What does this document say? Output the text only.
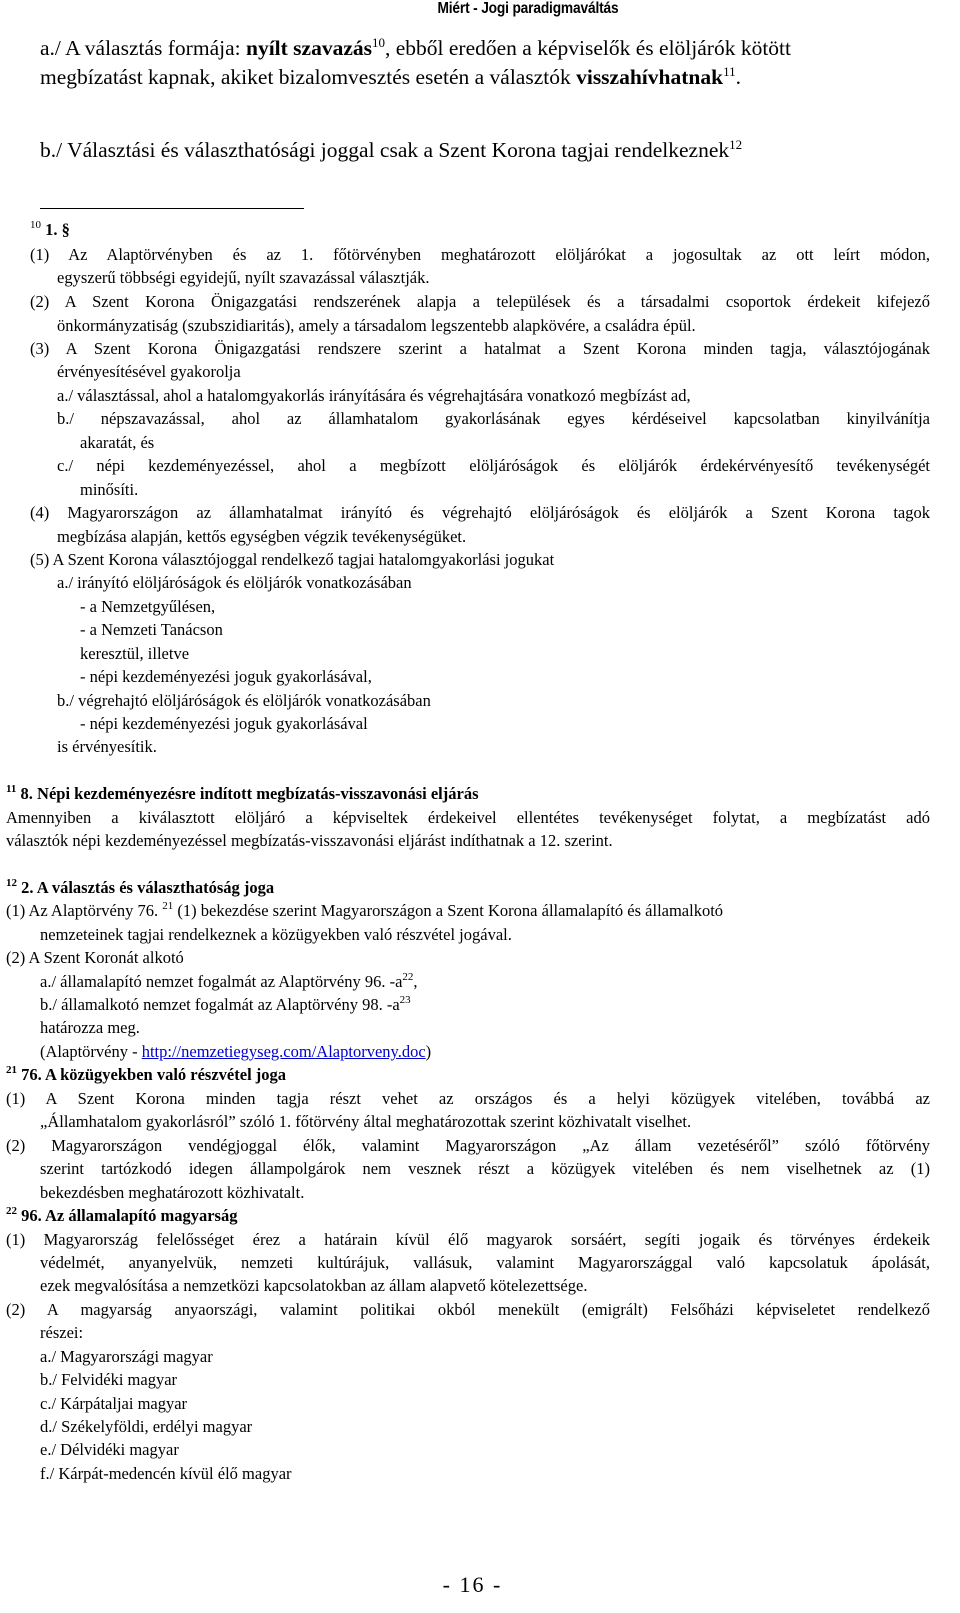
Miért - Jogi paradigmaváltás
a./ A választás formája: nyílt szavazás$^{10}$, ebből eredően a képviselők és elöljárók kötött
megbízatást kapnak, akiket bizalomvesztés esetén a választók visszahívhatnak$^{11}$.
b./ Választási és választhatósági joggal csak a Szent Korona tagjai rendelkeznek$^{12}$
$^{10}$ 1. §
(1) Az Alaptörvényben és az 1. főtörvényben meghatározott elöljárókat a jogosultak az ott leírt módon,
egyszerű többségi egyidejű, nyílt szavazással választják.
(2) A Szent Korona Önigazgatási rendszerének alapja a települések és a társadalmi csoportok érdekeit kifejező
önkormányzatiság (szubszidiaritás), amely a társadalom legszentebb alapkövére, a családra épül.
(3) A Szent Korona Önigazgatási rendszere szerint a hatalmat a Szent Korona minden tagja, választójogának
érvényesítésével gyakorolja
a./ választással, ahol a hatalomgyakorlás irányítására és végrehajtására vonatkozó megbízást ad,
b./ népszavazással, ahol az államhatalom gyakorlásának egyes kérdéseivel kapcsolatban kinyilvánítja
akaratát, és
c./ népi kezdeményezéssel, ahol a megbízott elöljáróságok és elöljárók érdekérvényesítő tevékenységét
minősíti.
(4) Magyarországon az államhatalmat irányító és végrehajtó elöljáróságok és elöljárók a Szent Korona tagok
megbízása alapján, kettős egységben végzik tevékenységüket.
(5) A Szent Korona választójoggal rendelkező tagjai hatalomgyakorlási jogukat
a./ irányító elöljáróságok és elöljárók vonatkozásában
- a Nemzetgyűlésen,
- a Nemzeti Tanácson
keresztül, illetve
- népi kezdeményezési joguk gyakorlásával,
b./ végrehajtó elöljáróságok és elöljárók vonatkozásában
- népi kezdeményezési joguk gyakorlásával
is érvényesítik.
$^{11}$ 8. Népi kezdeményezésre indított megbízatás-visszavonási eljárás
Amennyiben a kiválasztott elöljáró a képviseltek érdekeivel ellentétes tevékenységet folytat, a megbízatást adó
választók népi kezdeményezéssel megbízatás-visszavonási eljárást indíthatnak a 12. szerint.
$^{12}$ 2. A választás és választhatóság joga
(1) Az Alaptörvény 76. $^{21}$ (1) bekezdése szerint Magyarországon a Szent Korona államalapító és államalkotó
nemzeteinek tagjai rendelkeznek a közügyekben való részvétel jogával.
(2) A Szent Koronát alkotó
a./ államalapító nemzet fogalmát az Alaptörvény 96. $-a^{22}$,
b./ államalkotó nemzet fogalmát az Alaptörvény 98. $-a^{23}$
határozza meg.
(Alaptörvény - http://nemzetiegyseg.com/Alaptorveny.doc)
$^{21}$ 76. A közügyekben való részvétel joga
(1) A Szent Korona minden tagja részt vehet az országos és a helyi közügyek vitelében, továbbá az
„Államhatalom gyakorlásról” szóló 1. főtörvény által meghatározottak szerint közhivatalt viselhet.
(2) Magyarországon vendégjoggal élők, valamint Magyarországon „Az állam vezetéséről” szóló főtörvény
szerint tartózkodó idegen állampolgárok nem vesznek részt a közügyek vitelében és nem viselhetnek az (1)
bekezdésben meghatározott közhivatalt.
$^{22}$ 96. Az államalapító magyarság
(1) Magyarország felelősséget érez a határain kívül élő magyarok sorsáért, segíti jogaik és törvényes érdekeik
védelmét, anyanyelvük, nemzeti kultúrájuk, vallásuk, valamint Magyarországgal való kapcsolatuk ápolását,
ezek megvalósítása a nemzetközi kapcsolatokban az állam alapvető kötelezettsége.
(2) A magyarság anyaországi, valamint politikai okból menekült (emigrált) Felsőházi képviseletet rendelkező
részei:
a./ Magyarországi magyar
b./ Felvidéki magyar
c./ Kárpátaljai magyar
d./ Székelyföldi, erdélyi magyar
e./ Délvidéki magyar
f./ Kárpát-medencén kívül élő magyar
- 16 -
